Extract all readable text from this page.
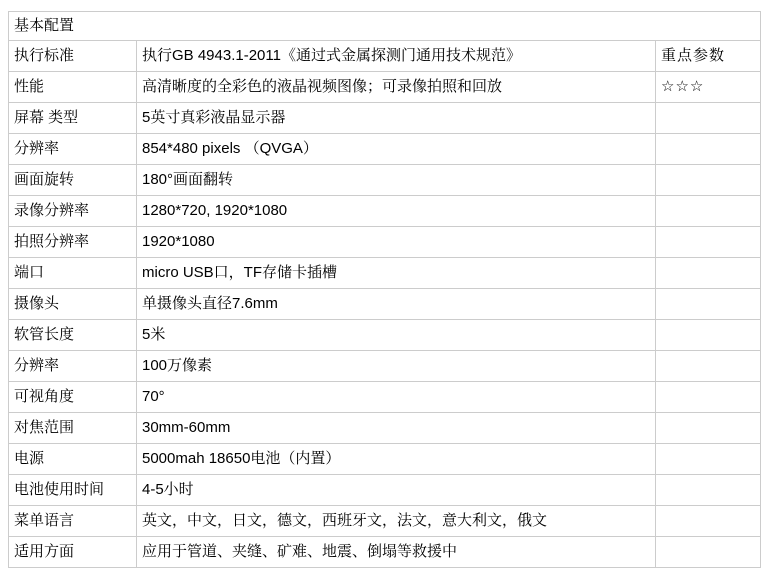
基本配置		
执行标准	执行GB 4943.1-2011《通过式金属探测门通用技术规范》	重点参数
性能	高清晰度的全彩色的液晶视频图像；可录像拍照和回放	☆☆☆
屏幕 类型	5英寸真彩液晶显示器	
分辨率	854*480 pixels （QVGA）	
画面旋转	180°画面翻转	
录像分辨率	1280*720, 1920*1080	
拍照分辨率	1920*1080	
端口	micro USB口，TF存储卡插槽	
摄像头	单摄像头直径7.6mm	
软管长度	5米	
分辨率	100万像素	
可视角度	70°	
对焦范围	30mm-60mm	
电源	5000mah 18650电池（内置）	
电池使用时间	4-5小时	
菜单语言	英文，中文，日文，德文，西班牙文，法文，意大利文，俄文	
适用方面	应用于管道、夹缝、矿难、地震、倒塌等救援中	
